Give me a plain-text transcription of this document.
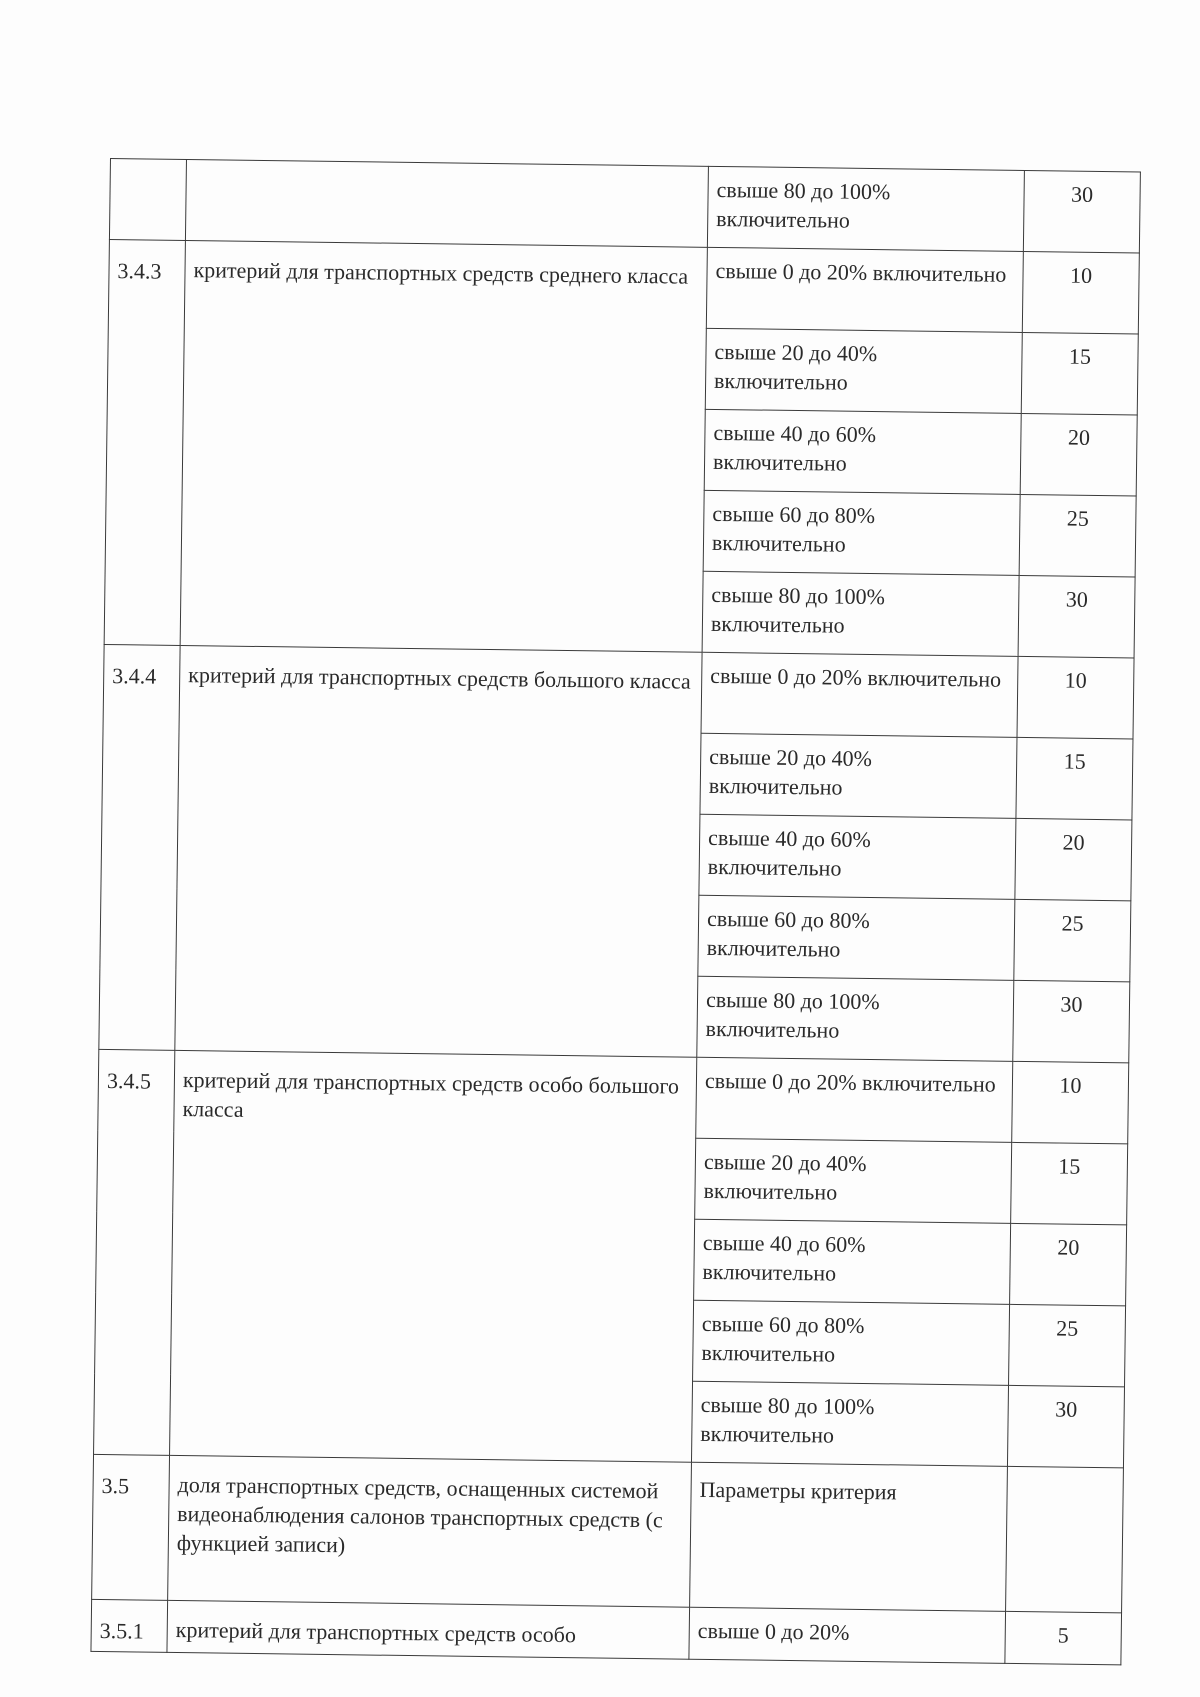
		свыше 80 до 100% включительно	30
3.4.3	критерий для транспортных средств среднего класса	свыше 0 до 20% включительно	10
		свыше 20 до 40% включительно	15
		свыше 40 до 60% включительно	20
		свыше 60 до 80% включительно	25
		свыше 80 до 100% включительно	30
3.4.4	критерий для транспортных средств большого класса	свыше 0 до 20% включительно	10
		свыше 20 до 40% включительно	15
		свыше 40 до 60% включительно	20
		свыше 60 до 80% включительно	25
		свыше 80 до 100% включительно	30
3.4.5	критерий для транспортных средств особо большого класса	свыше 0 до 20% включительно	10
		свыше 20 до 40% включительно	15
		свыше 40 до 60% включительно	20
		свыше 60 до 80% включительно	25
		свыше 80 до 100% включительно	30
3.5	доля транспортных средств, оснащенных системой видеонаблюдения салонов транспортных средств (с функцией записи)	Параметры критерия	
3.5.1	критерий для транспортных средств особо	свыше 0 до 20%	5
